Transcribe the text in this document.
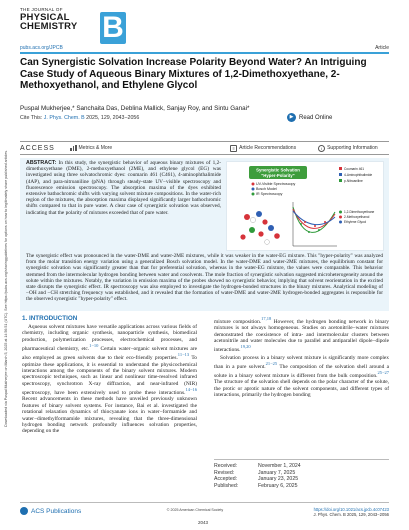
Downloaded via Puspal Mukherjee on March 5, 2025 at 14:56:51 (UTC). See https://pubs.acs.org/sharingguidelines for options on how to legitimately share published articles.
THE JOURNAL OF
PHYSICAL
CHEMISTRY B
pubs.acs.org/JPCB	Article
Can Synergistic Solvation Increase Polarity Beyond Water? An Intriguing Case Study of Aqueous Binary Mixtures of 1,2-Dimethoxyethane, 2-Methoxyethanol, and Ethylene Glycol
Puspal Mukherjee,* Sanchaita Das, Deblina Mallick, Sanjay Roy, and Sintu Ganai*
Cite This: J. Phys. Chem. B 2025, 129, 2043−2056	▶ Read Online
ACCESS	Metrics & More	≡ Article Recommendations	i	Supporting Information
ABSTRACT: In this study, the synergistic behavior of aqueous binary mixtures of 1,2-dimethoxyethane (DME), 2-methoxyethanol (2ME), and ethylene glycol (EG) was investigated using three solvatochromic dyes: coumarin 461 (C461), 4-aminophthalimide (4AP), and para-nitroaniline (pNA) through steady-state UV−visible spectroscopy and fluorescence emission spectroscopy. The absorption maxima of the dyes exhibited extensive bathochromic shifts with varying solvent mixture compositions. In the water-rich region of the mixtures, the absorption maxima displayed significantly larger bathochromic shifts compared to that in pure water. A clear case of synergistic solvation was observed, indicating that the polarity of mixtures exceeded that of pure water.
The synergistic effect was pronounced in the water-DME and water-2ME mixtures, while it was weaker in the water-EG mixture. This "hyper-polarity" was analyzed from the molar transition energy variation using a generalized Bosch solvation model. In the water-DME and water-2ME mixtures, the equilibrium constant for synergistic solvation was significantly greater than that for preferential solvation, whereas in the water-EG mixture, the values were comparable. This behavior stemmed from the intermolecular hydrogen bonding between water and cosolvents. The mole fraction of synergistic solvation suggested microheterogeneity around the solute within the mixtures. Notably, the variation in emission maxima of the probes showed no synergistic behavior, implying that solvent reorientation in the excited state disrupts the synergistic effect. IR spectroscopy was also employed to investigate the hydrogen-bonded structures in the binary mixtures. Analytical modeling of −OH and −CH stretching frequency was established, and it revealed that the formation of water-DME and water-2ME hydrogen-bonded aggregates is responsible for the observed synergistic "hyper-polarity" effect.
Synergistic Solvation
"Hyper-Polarity"
UV-Visible Spectroscopy
Bosch Model
IR Spectroscopy
Coumarin 461
4-Aminophthalimide
p-Nitroaniline
1,2-Dimethoxyethane
2-Methoxyethanol
Ethylene Glycol
1. INTRODUCTION
Aqueous solvent mixtures have versatile applications across various fields of chemistry, including organic synthesis, nanoparticle synthesis, biomedical production, polymerization processes, electrochemical processes, and pharmaceutical chemistry, etc.$^{1-10}$ Certain water−organic solvent mixtures are also employed as green solvents due to their eco-friendly properties.$^{11-13}$ To optimize these applications, it is essential to understand the physicochemical interactions among the components of the binary solvent mixtures. Modern spectroscopic techniques, such as linear and nonlinear time-resolved infrared spectroscopy, synchrotron X-ray diffraction, and near-infrared (NIR) spectroscopy, have been extensively used to probe these interactions.$^{14-16}$ Recent advancements in these methods have unveiled previously unknown features of binary solvent systems. For instance, Bai et al. investigated the rotational relaxation dynamics of thiocyanate ions in water−formamide and water−dimethylformamide mixtures, revealing that the three-dimensional hydrogen bonding network profoundly influences solvation properties, depending on the

mixture composition.$^{17,18}$ However, the hydrogen bonding network in binary mixtures is not always homogeneous. Studies on acetonitrile−water mixtures demonstrated the coexistence of intra- and intermolecular clusters between acetonitrile and water molecules due to parallel and antiparallel dipole−dipole interactions.$^{19,20}$

Solvation process in a binary solvent mixture is significantly more complex than in a pure solvent.$^{21-25}$ The composition of the solvation shell around a solute in a binary solvent mixture is different from the bulk composition.$^{25-27}$ The structure of the solvation shell depends on the polar character of the solute, the protic or aprotic nature of the solvent components, and different types of interactions, primarily the hydrogen bonding

Received:	November 1, 2024
Revised:	January 7, 2025
Accepted:	January 23, 2025
Published:	February 6, 2025
ACS Publications	© 2025 American Chemical Society
2043
https://doi.org/10.1021/acs.jpcb.4c07423
J. Phys. Chem. B 2025, 129, 2043−2056
